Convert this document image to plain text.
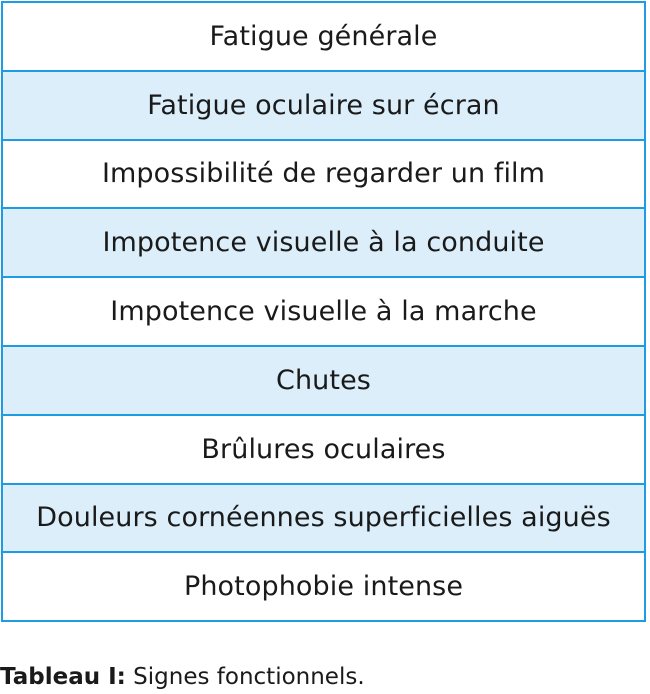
Fatigue générale
Fatigue oculaire sur écran
Impossibilité de regarder un film
Impotence visuelle à la conduite
Impotence visuelle à la marche
Chutes
Brûlures oculaires
Douleurs cornéennes superficielles aiguës
Photophobie intense
Tableau I: Signes fonctionnels.
